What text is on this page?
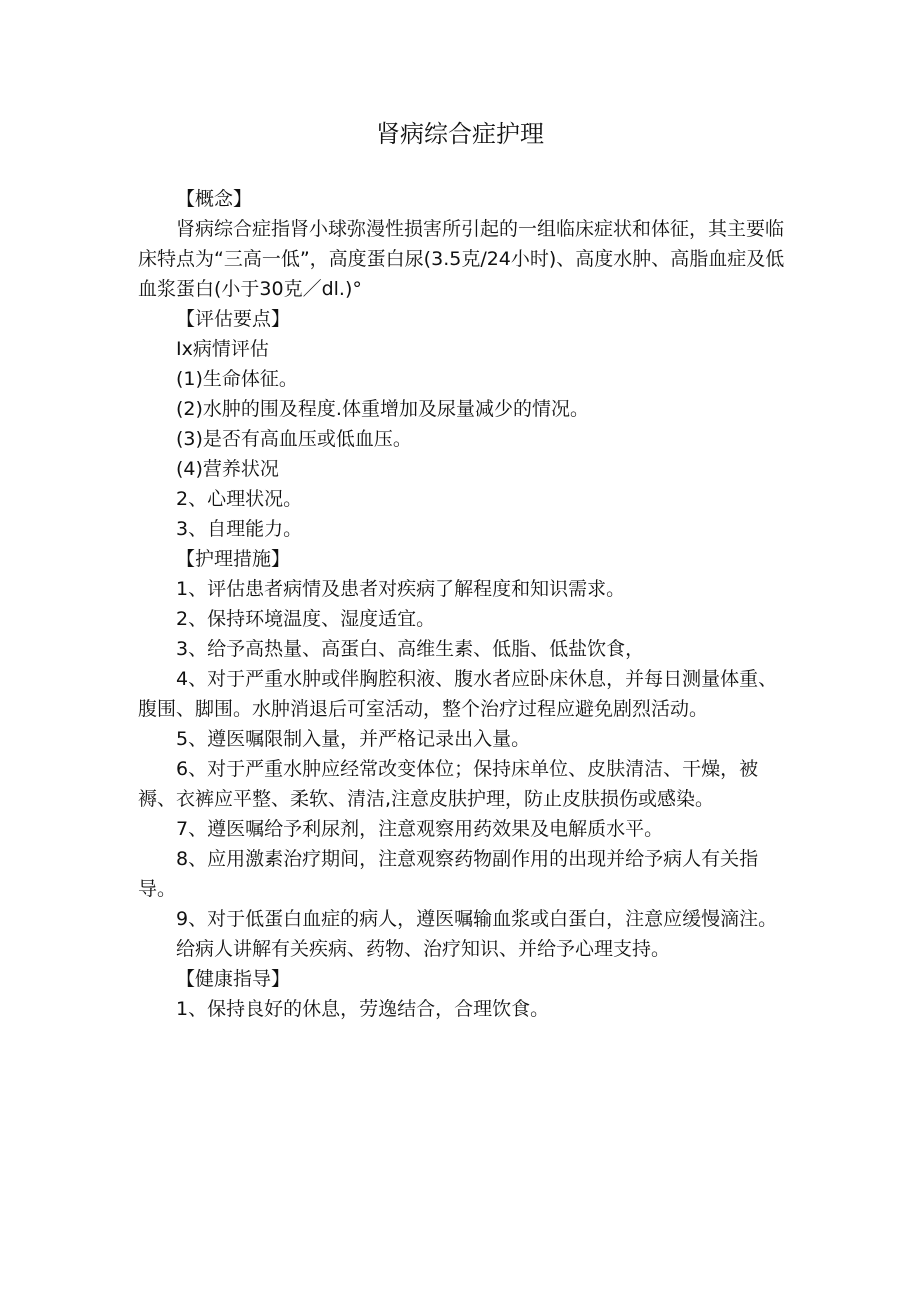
肾病综合症护理

【概念】

肾病综合症指肾小球弥漫性损害所引起的一组临床症状和体征，其主要临床特点为“三高一低”，高度蛋白尿(3.5克/24小时)、高度水肿、高脂血症及低血浆蛋白(小于30克／dl.)°

【评估要点】

Ix病情评估

(1)生命体征。

(2)水肿的围及程度.体重增加及尿量减少的情况。

(3)是否有高血压或低血压。

(4)营养状况

2、心理状况。

3、自理能力。

【护理措施】

1、评估患者病情及患者对疾病了解程度和知识需求。

2、保持环境温度、湿度适宜。

3、给予高热量、高蛋白、高维生素、低脂、低盐饮食，

4、对于严重水肿或伴胸腔积液、腹水者应卧床休息，并每日测量体重、腹围、脚围。水肿消退后可室活动，整个治疗过程应避免剧烈活动。

5、遵医嘱限制入量，并严格记录出入量。

6、对于严重水肿应经常改变体位；保持床单位、皮肤清洁、干燥，被褥、衣裤应平整、柔软、清洁,注意皮肤护理，防止皮肤损伤或感染。

7、遵医嘱给予利尿剂，注意观察用药效果及电解质水平。

8、应用激素治疗期间，注意观察药物副作用的出现并给予病人有关指导。

9、对于低蛋白血症的病人，遵医嘱输血浆或白蛋白，注意应缓慢滴注。

给病人讲解有关疾病、药物、治疗知识、并给予心理支持。

【健康指导】

1、保持良好的休息，劳逸结合，合理饮食。
